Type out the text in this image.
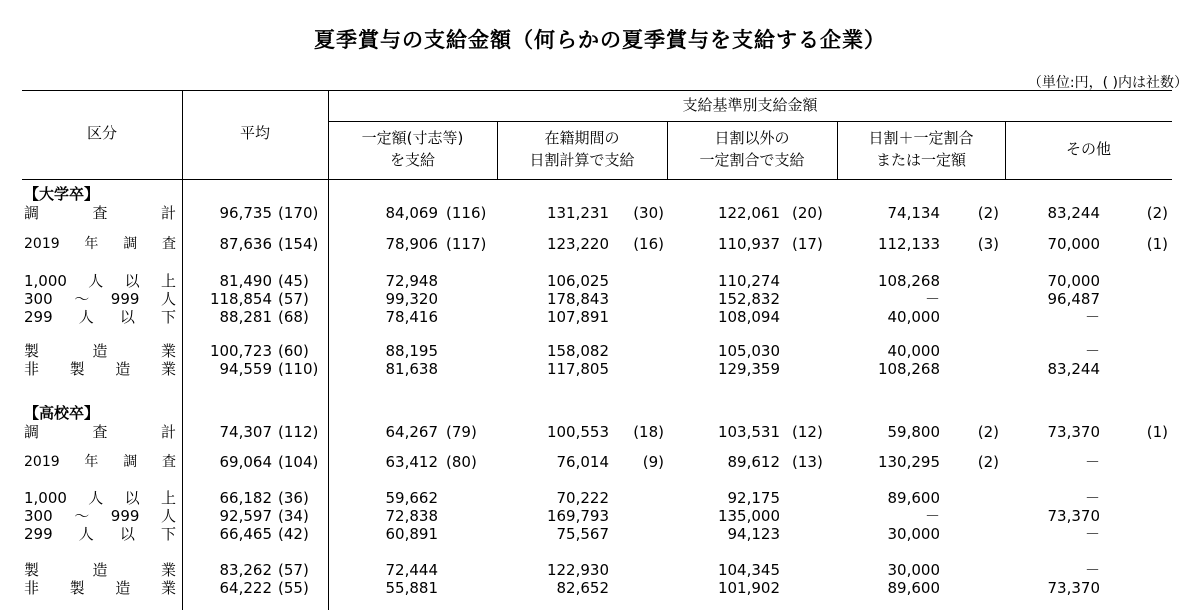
夏季賞与の支給金額（何らかの夏季賞与を支給する企業）
（単位:円，( )内は社数）
区分	平均
支給基準別支給金額
一定額(寸志等)
を支給
在籍期間の
日割計算で支給
日割以外の
一定割合で支給
日割＋一定割合
または一定額
その他
【大学卒】
調	査	計	96,735 (170)	84,069 (116)	131,231	(30)	122,061 (20)	74,134	(2)	83,244	(2)
2019 年 調 査	87,636 (154)	78,906 (117)	123,220	(16)	110,937 (17)	112,133	(3)	70,000	(1)
1,000 人 以 上	81,490 (45)	72,948	106,025	110,274	108,268	70,000
300 ～ 999 人	118,854 (57)	99,320	178,843	152,832	－	96,487
299 人 以 下	88,281 (68)	78,416	107,891	108,094	40,000	－
製	造	業	100,723 (60)	88,195	158,082	105,030	40,000	－
非 製 造 業	94,559 (110)	81,638	117,805	129,359	108,268	83,244
【高校卒】
調	査	計	74,307 (112)	64,267 (79)	100,553	(18)	103,531 (12)	59,800	(2)	73,370	(1)
2019 年 調 査	69,064 (104)	63,412 (80)	76,014	(9)	89,612 (13)	130,295	(2)	－
1,000 人 以 上	66,182 (36)	59,662	70,222	92,175	89,600	－
300 ～ 999 人	92,597 (34)	72,838	169,793	135,000	－	73,370
299 人 以 下	66,465 (42)	60,891	75,567	94,123	30,000	－
製	造	業	83,262 (57)	72,444	122,930	104,345	30,000	－
非 製 造 業	64,222 (55)	55,881	82,652	101,902	89,600	73,370
